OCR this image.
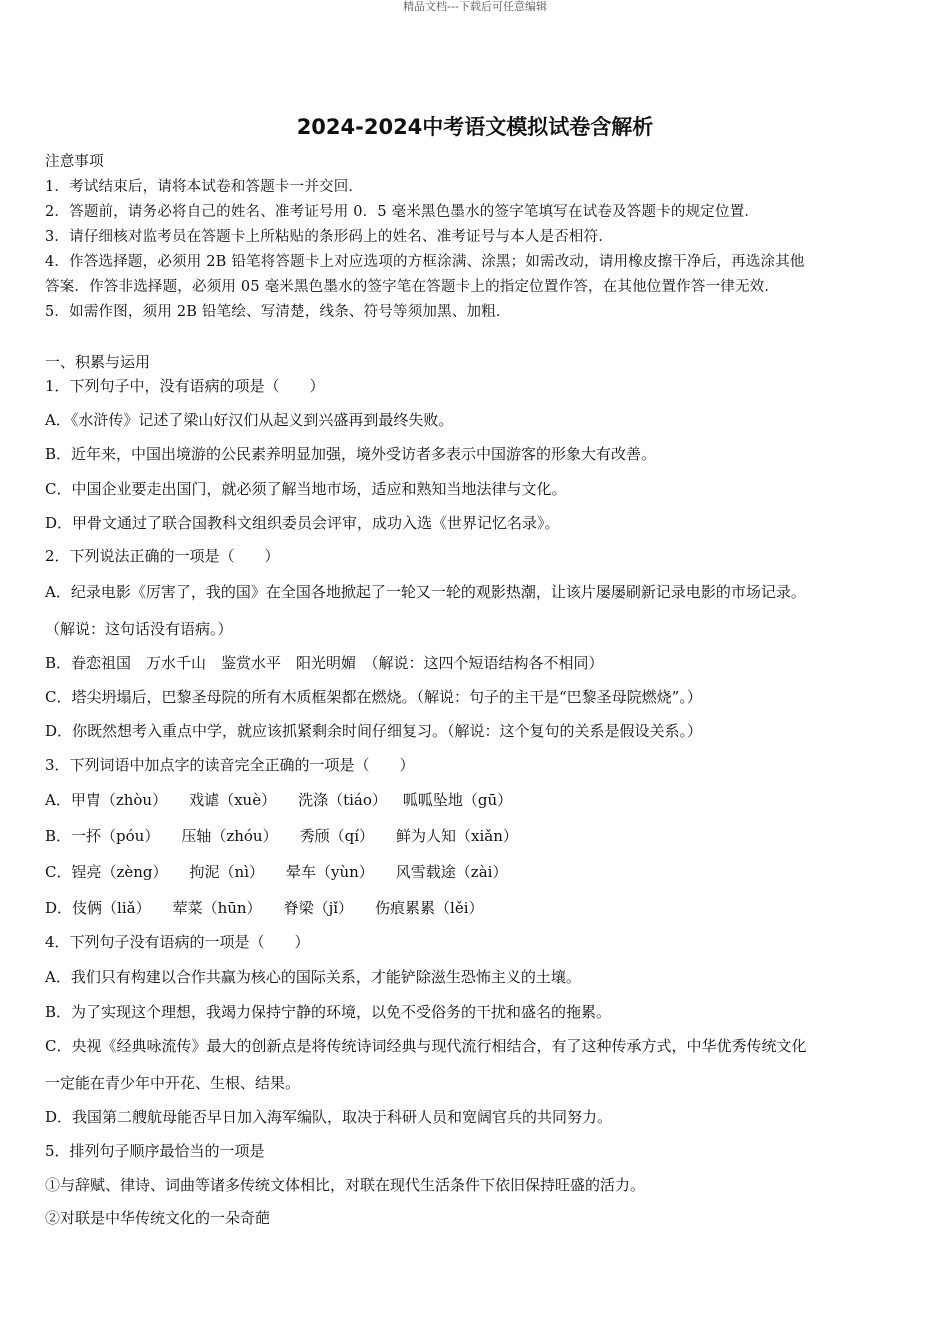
精品文档---下载后可任意编辑
2024-2024中考语文模拟试卷含解析
注意事项
1．考试结束后，请将本试卷和答题卡一并交回．
2．答题前，请务必将自己的姓名、准考证号用 0．5 毫米黑色墨水的签字笔填写在试卷及答题卡的规定位置．
3．请仔细核对监考员在答题卡上所粘贴的条形码上的姓名、准考证号与本人是否相符．
4．作答选择题，必须用 2B 铅笔将答题卡上对应选项的方框涂满、涂黑；如需改动，请用橡皮擦干净后，再选涂其他
答案．作答非选择题，必须用 05 毫米黑色墨水的签字笔在答题卡上的指定位置作答，在其他位置作答一律无效．
5．如需作图，须用 2B 铅笔绘、写清楚，线条、符号等须加黑、加粗．
一、积累与运用
1．下列句子中，没有语病的项是（　　）
A．《水浒传》记述了梁山好汉们从起义到兴盛再到最终失败。
B．近年来，中国出境游的公民素养明显加强，境外受访者多表示中国游客的形象大有改善。
C．中国企业要走出国门，就必须了解当地市场，适应和熟知当地法律与文化。
D．甲骨文通过了联合国教科文组织委员会评审，成功入选《世界记忆名录》。
2．下列说法正确的一项是（　　）
A．纪录电影《厉害了，我的国》在全国各地掀起了一轮又一轮的观影热潮，让该片屡屡刷新记录电影的市场记录。
（解说：这句话没有语病。）
B．眷恋祖国　万水千山　鉴赏水平　阳光明媚　（解说：这四个短语结构各不相同）
C．塔尖坍塌后，巴黎圣母院的所有木质框架都在燃烧。（解说：句子的主干是“巴黎圣母院燃烧”。）
D．你既然想考入重点中学，就应该抓紧剩余时间仔细复习。（解说：这个复句的关系是假设关系。）
3．下列词语中加点字的读音完全正确的一项是（　　）
A．甲胄（zhòu） 戏谑（xuè） 洗涤（tiáo） 呱呱坠地（gū）
B．一抔（póu） 压轴（zhóu） 秀颀（qí） 鲜为人知（xiǎn）
C．锃亮（zèng） 拘泥（nì） 晕车（yùn） 风雪载途（zài）
D．伎俩（liǎ） 荤菜（hūn） 脊梁（jǐ） 伤痕累累（lěi）
4．下列句子没有语病的一项是（　　）
A．我们只有构建以合作共赢为核心的国际关系，才能铲除滋生恐怖主义的土壤。
B．为了实现这个理想，我竭力保持宁静的环境，以免不受俗务的干扰和盛名的拖累。
C．央视《经典咏流传》最大的创新点是将传统诗词经典与现代流行相结合，有了这种传承方式，中华优秀传统文化
一定能在青少年中开花、生根、结果。
D．我国第二艘航母能否早日加入海军编队，取决于科研人员和宽阔官兵的共同努力。
5．排列句子顺序最恰当的一项是
①与辞赋、律诗、词曲等诸多传统文体相比，对联在现代生活条件下依旧保持旺盛的活力。
②对联是中华传统文化的一朵奇葩
